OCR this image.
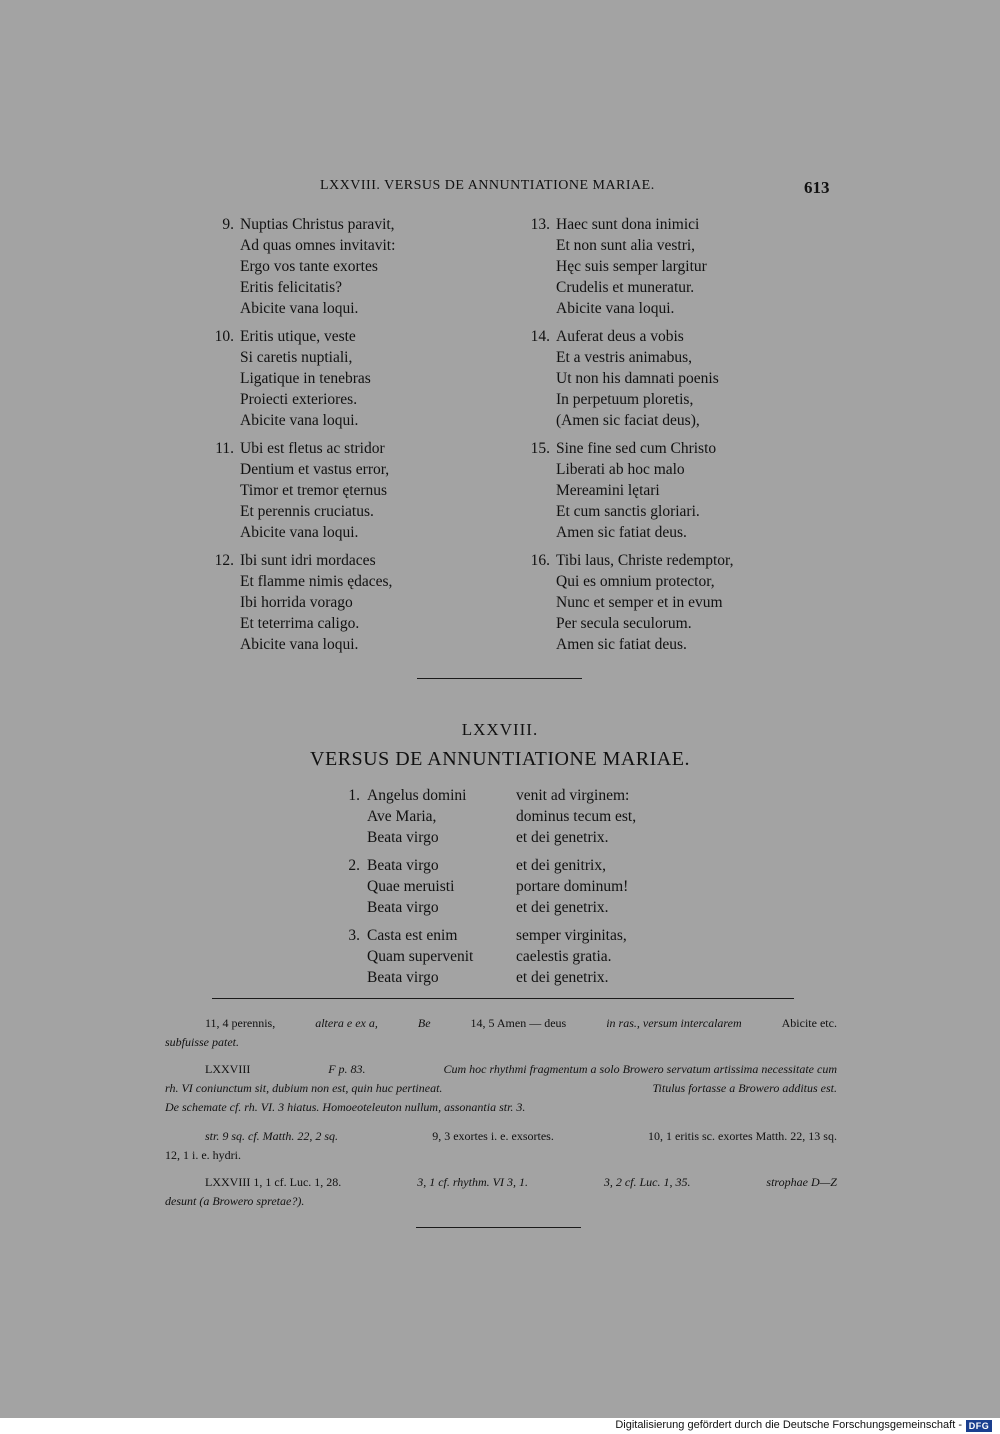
LXXVIII. VERSUS DE ANNUNTIATIONE MARIAE.	613
9. Nuptias Christus paravit,
Ad quas omnes invitavit:
Ergo vos tante exortes
Eritis felicitatis?
Abicite vana loqui.
10. Eritis utique, veste
Si caretis nuptiali,
Ligatique in tenebras
Proiecti exteriores.
Abicite vana loqui.
11. Ubi est fletus ac stridor
Dentium et vastus error,
Timor et tremor ęternus
Et perennis cruciatus.
Abicite vana loqui.
12. Ibi sunt idri mordaces
Et flamme nimis ędaces,
Ibi horrida vorago
Et teterrima caligo.
Abicite vana loqui.
13. Haec sunt dona inimici
Et non sunt alia vestri,
Hęc suis semper largitur
Crudelis et muneratur.
Abicite vana loqui.
14. Auferat deus a vobis
Et a vestris animabus,
Ut non his damnati poenis
In perpetuum ploretis,
(Amen sic faciat deus),
15. Sine fine sed cum Christo
Liberati ab hoc malo
Mereamini lętari
Et cum sanctis gloriari.
Amen sic fatiat deus.
16. Tibi laus, Christe redemptor,
Qui es omnium protector,
Nunc et semper et in evum
Per secula seculorum.
Amen sic fatiat deus.
LXXVIII.
VERSUS DE ANNUNTIATIONE MARIAE.
1. Angelus domini	venit ad virginem:
Ave Maria,	dominus tecum est,
Beata virgo	et dei genetrix.
2. Beata virgo	et dei genitrix,
Quae meruisti	portare dominum!
Beata virgo	et dei genetrix.
3. Casta est enim	semper virginitas,
Quam supervenit	caelestis gratia.
Beata virgo	et dei genetrix.
11, 4 perennis,	altera e ex a,	Be	14, 5 Amen — deus	in ras., versum intercalarem	Abicite etc.
subfuisse patet.
LXXVIII	F p. 83.	Cum hoc rhythmi fragmentum a solo Browero servatum artissima necessitate cum
rh. VI coniunctum sit, dubium non est, quin huc pertineat.	Titulus fortasse a Browero additus est.
De schemate cf. rh. VI. 3 hiatus. Homoeoteleuton nullum, assonantia str. 3.
str. 9 sq. cf. Matth. 22, 2 sq.	9, 3 exortes i. e. exsortes.	10, 1 eritis sc. exortes Matth. 22, 13 sq.
12, 1 i. e. hydri.
LXXVIII 1, 1 cf. Luc. 1, 28.	3, 1 cf. rhythm. VI 3, 1.	3, 2 cf. Luc. 1, 35.	strophae D—Z
desunt (a Browero spretae?).
Digitalisierung gefördert durch die Deutsche Forschungsgemeinschaft - DFG
